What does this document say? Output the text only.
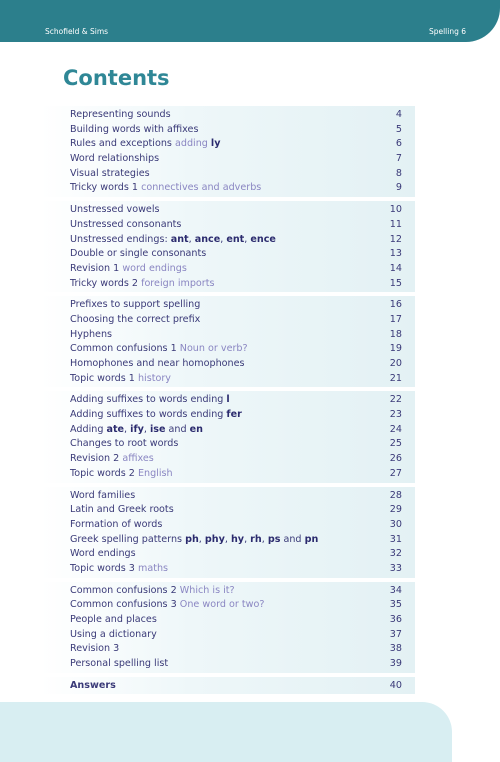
Schofield & Sims	Spelling 6
Contents
Representing sounds	4
Building words with affixes	5
Rules and exceptions adding ly	6
Word relationships	7
Visual strategies	8
Tricky words 1 connectives and adverbs	9
Unstressed vowels	10
Unstressed consonants	11
Unstressed endings: ant, ance, ent, ence	12
Double or single consonants	13
Revision 1 word endings	14
Tricky words 2 foreign imports	15
Prefixes to support spelling	16
Choosing the correct prefix	17
Hyphens	18
Common confusions 1 Noun or verb?	19
Homophones and near homophones	20
Topic words 1 history	21
Adding suffixes to words ending l	22
Adding suffixes to words ending fer	23
Adding ate, ify, ise and en	24
Changes to root words	25
Revision 2 affixes	26
Topic words 2 English	27
Word families	28
Latin and Greek roots	29
Formation of words	30
Greek spelling patterns ph, phy, hy, rh, ps and pn	31
Word endings	32
Topic words 3 maths	33
Common confusions 2 Which is it?	34
Common confusions 3 One word or two?	35
People and places	36
Using a dictionary	37
Revision 3	38
Personal spelling list	39
Answers	40
